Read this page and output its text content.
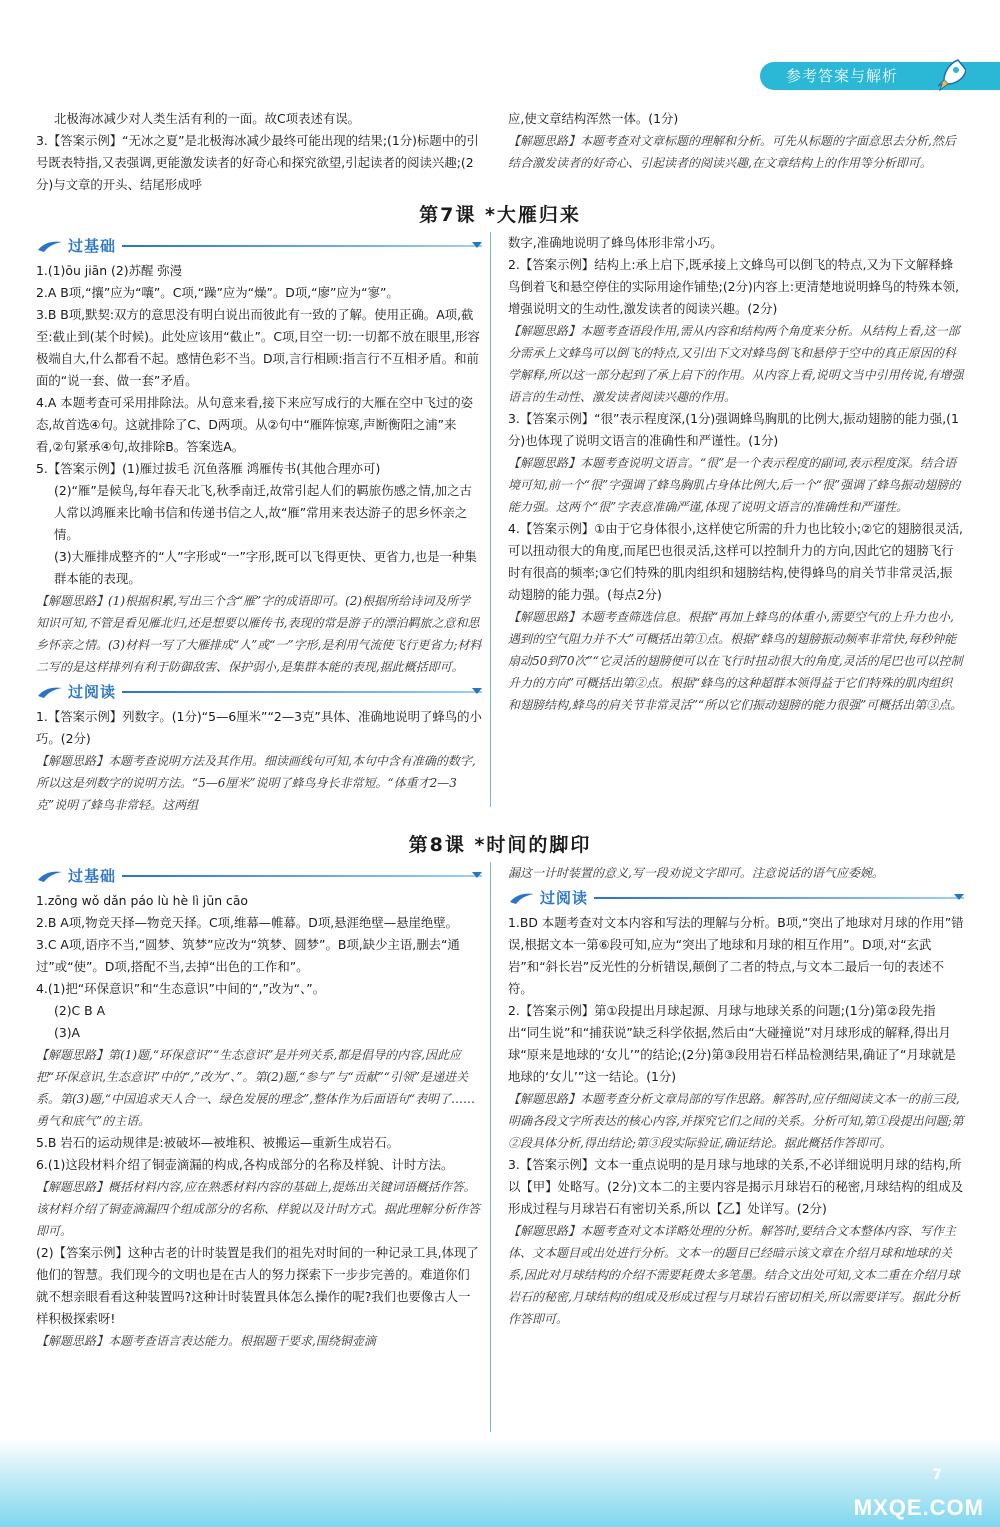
参考答案与解析

北极海冰减少对人类生活有利的一面。故C项表述有误。

3.【答案示例】“无冰之夏”是北极海冰减少最终可能出现的结果;(1分)标题中的引号既表特指,又表强调,更能激发读者的好奇心和探究欲望,引起读者的阅读兴趣;(2分)与文章的开头、结尾形成呼

应,使文章结构浑然一体。(1分)

【解题思路】本题考查对文章标题的理解和分析。可先从标题的字面意思去分析,然后结合激发读者的好奇心、引起读者的阅读兴趣,在文章结构上的作用等分析即可。

第7课 *大雁归来
过基础

1.(1)ōu jiān (2)苏醒 弥漫

2.A B项,“攘”应为“嚷”。C项,“躁”应为“燥”。D项,“廖”应为“寥”。

3.B B项,默契:双方的意思没有明白说出而彼此有一致的了解。使用正确。A项,截至:截止到(某个时候)。此处应该用“截止”。C项,目空一切:一切都不放在眼里,形容极端自大,什么都看不起。感情色彩不当。D项,言行相顾:指言行不互相矛盾。和前面的“说一套、做一套”矛盾。

4.A 本题考查可采用排除法。从句意来看,接下来应写成行的大雁在空中飞过的姿态,故首选④句。这就排除了C、D两项。从②句中“雁阵惊寒,声断衡阳之浦”来看,②句紧承④句,故排除B。答案选A。

5.【答案示例】(1)雁过拔毛 沉鱼落雁 鸿雁传书(其他合理亦可)

(2)“雁”是候鸟,每年春天北飞,秋季南迁,故常引起人们的羁旅伤感之情,加之古人常以鸿雁来比喻书信和传递书信之人,故“雁”常用来表达游子的思乡怀亲之情。

(3)大雁排成整齐的“人”字形或“一”字形,既可以飞得更快、更省力,也是一种集群本能的表现。

【解题思路】(1)根据积累,写出三个含“雁”字的成语即可。(2)根据所给诗词及所学知识可知,不管是看见雁北归,还是想要以雁传书,表现的常是游子的漂泊羁旅之意和思乡怀亲之情。(3)材料一写了大雁排成“人”或“一”字形,是利用气流使飞行更省力;材料二写的是这样排列有利于防御敌害、保护弱小,是集群本能的表现,据此概括即可。

过阅读

1.【答案示例】列数字。(1分)“5—6厘米”“2—3克”具体、准确地说明了蜂鸟的小巧。(2分)

【解题思路】本题考查说明方法及其作用。细读画线句可知,本句中含有准确的数字,所以这是列数字的说明方法。“5—6厘米”说明了蜂鸟身长非常短。“体重才2—3克”说明了蜂鸟非常轻。这两组

数字,准确地说明了蜂鸟体形非常小巧。

2.【答案示例】结构上:承上启下,既承接上文蜂鸟可以倒飞的特点,又为下文解释蜂鸟倒着飞和悬空停住的实际用途作铺垫;(2分)内容上:更清楚地说明蜂鸟的特殊本领,增强说明文的生动性,激发读者的阅读兴趣。(2分)

【解题思路】本题考查语段作用,需从内容和结构两个角度来分析。从结构上看,这一部分需承上文蜂鸟可以倒飞的特点,又引出下文对蜂鸟倒飞和悬停于空中的真正原因的科学解释,所以这一部分起到了承上启下的作用。从内容上看,说明文当中引用传说,有增强语言的生动性、激发读者阅读兴趣的作用。

3.【答案示例】“很”表示程度深,(1分)强调蜂鸟胸肌的比例大,振动翅膀的能力强,(1分)也体现了说明文语言的准确性和严谨性。(1分)

【解题思路】本题考查说明文语言。“很”是一个表示程度的副词,表示程度深。结合语境可知,前一个“很”字强调了蜂鸟胸肌占身体比例大,后一个“很”强调了蜂鸟振动翅膀的能力强。这两个“很”字表意准确严谨,体现了说明文语言的准确性和严谨性。

4.【答案示例】①由于它身体很小,这样使它所需的升力也比较小;②它的翅膀很灵活,可以扭动很大的角度,而尾巴也很灵活,这样可以控制升力的方向,因此它的翅膀飞行时有很高的频率;③它们特殊的肌肉组织和翅膀结构,使得蜂鸟的肩关节非常灵活,振动翅膀的能力强。(每点2分)

【解题思路】本题考查筛选信息。根据“再加上蜂鸟的体重小,需要空气的上升力也小,遇到的空气阻力并不大”可概括出第①点。根据“蜂鸟的翅膀振动频率非常快,每秒钟能扇动50到70次”“它灵活的翅膀便可以在飞行时扭动很大的角度,灵活的尾巴也可以控制升力的方向”可概括出第②点。根据“蜂鸟的这种超群本领得益于它们特殊的肌肉组织和翅膀结构,蜂鸟的肩关节非常灵活”“所以它们振动翅膀的能力很强”可概括出第③点。

第8课 *时间的脚印
过基础

1.zōng wǒ dǎn páo lù hè lì jūn cāo

2.B A项,物竞天择—物竞天择。C项,维幕—帷幕。D项,悬涯绝壁—悬崖绝壁。

3.C A项,语序不当,“圆梦、筑梦”应改为“筑梦、圆梦”。B项,缺少主语,删去“通过”或“使”。D项,搭配不当,去掉“出色的工作和”。

4.(1)把“环保意识”和“生态意识”中间的“,”改为“、”。

(2)C B A

(3)A

【解题思路】第(1)题,“环保意识”“生态意识”是并列关系,都是倡导的内容,因此应把“环保意识,生态意识”中的“,”改为“、”。第(2)题,“参与”与“贡献”“引领”是递进关系。第(3)题,“中国追求天人合一、绿色发展的理念”,整体作为后面语句“表明了……勇气和底气”的主语。

5.B 岩石的运动规律是:被破坏—被堆积、被搬运—重新生成岩石。

6.(1)这段材料介绍了铜壶滴漏的构成,各构成部分的名称及样貌、计时方法。

【解题思路】概括材料内容,应在熟悉材料内容的基础上,提炼出关键词语概括作答。该材料介绍了铜壶滴漏四个组成部分的名称、样貌以及计时方式。据此理解分析作答即可。

(2)【答案示例】这种古老的计时装置是我们的祖先对时间的一种记录工具,体现了他们的智慧。我们现今的文明也是在古人的努力探索下一步步完善的。难道你们就不想亲眼看看这种装置吗?这种计时装置具体怎么操作的呢?我们也要像古人一样积极探索呀!

【解题思路】本题考查语言表达能力。根据题干要求,围绕铜壶滴

漏这一计时装置的意义,写一段劝说文字即可。注意说话的语气应委婉。

过阅读

1.BD 本题考查对文本内容和写法的理解与分析。B项,“突出了地球对月球的作用”错误,根据文本一第⑥段可知,应为“突出了地球和月球的相互作用”。D项,对“玄武岩”和“斜长岩”反光性的分析错误,颠倒了二者的特点,与文本二最后一句的表述不符。

2.【答案示例】第①段提出月球起源、月球与地球关系的问题;(1分)第②段先指出“同生说”和“捕获说”缺乏科学依据,然后由“大碰撞说”对月球形成的解释,得出月球“原来是地球的‘女儿’”的结论;(2分)第③段用岩石样品检测结果,确证了“月球就是地球的‘女儿’”这一结论。(1分)

【解题思路】本题考查分析文章局部的写作思路。解答时,应仔细阅读文本一的前三段,明确各段文字所表达的核心内容,并探究它们之间的关系。分析可知,第①段提出问题;第②段具体分析,得出结论;第③段实际验证,确证结论。据此概括作答即可。

3.【答案示例】文本一重点说明的是月球与地球的关系,不必详细说明月球的结构,所以【甲】处略写。(2分)文本二的主要内容是揭示月球岩石的秘密,月球结构的组成及形成过程与月球岩石有密切关系,所以【乙】处详写。(2分)

【解题思路】本题考查对文本详略处理的分析。解答时,要结合文本整体内容、写作主体、文本题目或出处进行分析。文本一的题目已经暗示该文章在介绍月球和地球的关系,因此对月球结构的介绍不需要耗费太多笔墨。结合文出处可知,文本二重在介绍月球岩石的秘密,月球结构的组成及形成过程与月球岩石密切相关,所以需要详写。据此分析作答即可。

7
MXQE.COM
